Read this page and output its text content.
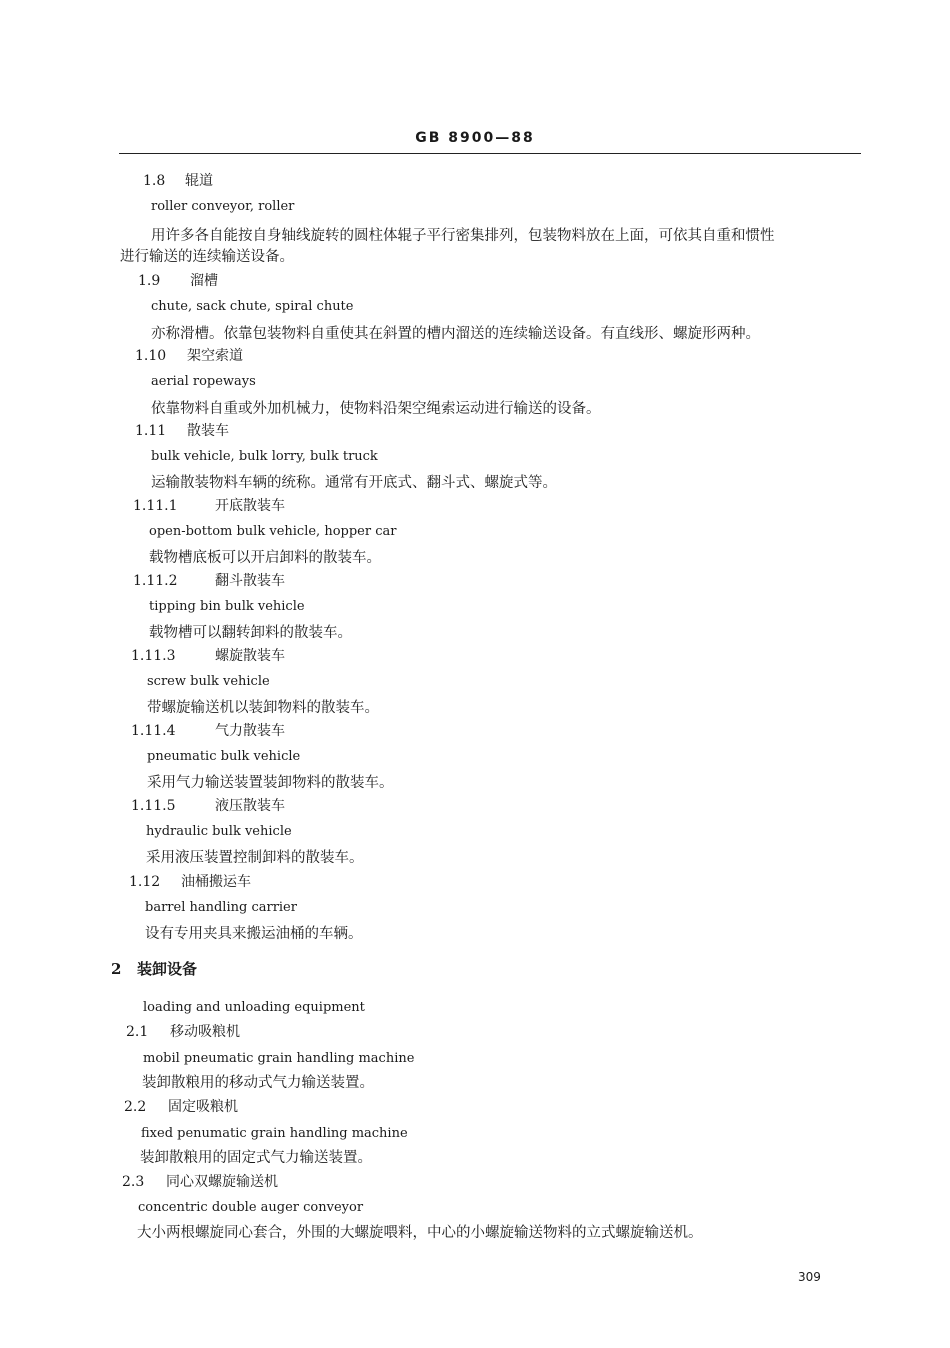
GB 8900—88
1.8 辊道
roller conveyor, roller
用许多各自能按自身轴线旋转的圆柱体辊子平行密集排列，包装物料放在上面，可依其自重和惯性
进行输送的连续输送设备。
1.9 溜槽
chute, sack chute, spiral chute
亦称滑槽。依靠包装物料自重使其在斜置的槽内溜送的连续输送设备。有直线形、螺旋形两种。
1.10 架空索道
aerial ropeways
依靠物料自重或外加机械力，使物料沿架空绳索运动进行输送的设备。
1.11 散装车
bulk vehicle, bulk lorry, bulk truck
运输散装物料车辆的统称。通常有开底式、翻斗式、螺旋式等。
1.11.1	开底散装车
open-bottom bulk vehicle, hopper car
载物槽底板可以开启卸料的散装车。
1.11.2	翻斗散装车
tipping bin bulk vehicle
载物槽可以翻转卸料的散装车。
1.11.3	螺旋散装车
screw bulk vehicle
带螺旋输送机以装卸物料的散装车。
1.11.4	气力散装车
pneumatic bulk vehicle
采用气力输送装置装卸物料的散装车。
1.11.5	液压散装车
hydraulic bulk vehicle
采用液压装置控制卸料的散装车。
1.12 油桶搬运车
barrel handling carrier
设有专用夹具来搬运油桶的车辆。
2 装卸设备
loading and unloading equipment
2.1 移动吸粮机
mobil pneumatic grain handling machine
装卸散粮用的移动式气力输送装置。
2.2 固定吸粮机
fixed penumatic grain handling machine
装卸散粮用的固定式气力输送装置。
2.3 同心双螺旋输送机
concentric double auger conveyor
大小两根螺旋同心套合，外围的大螺旋喂料，中心的小螺旋输送物料的立式螺旋输送机。
309
